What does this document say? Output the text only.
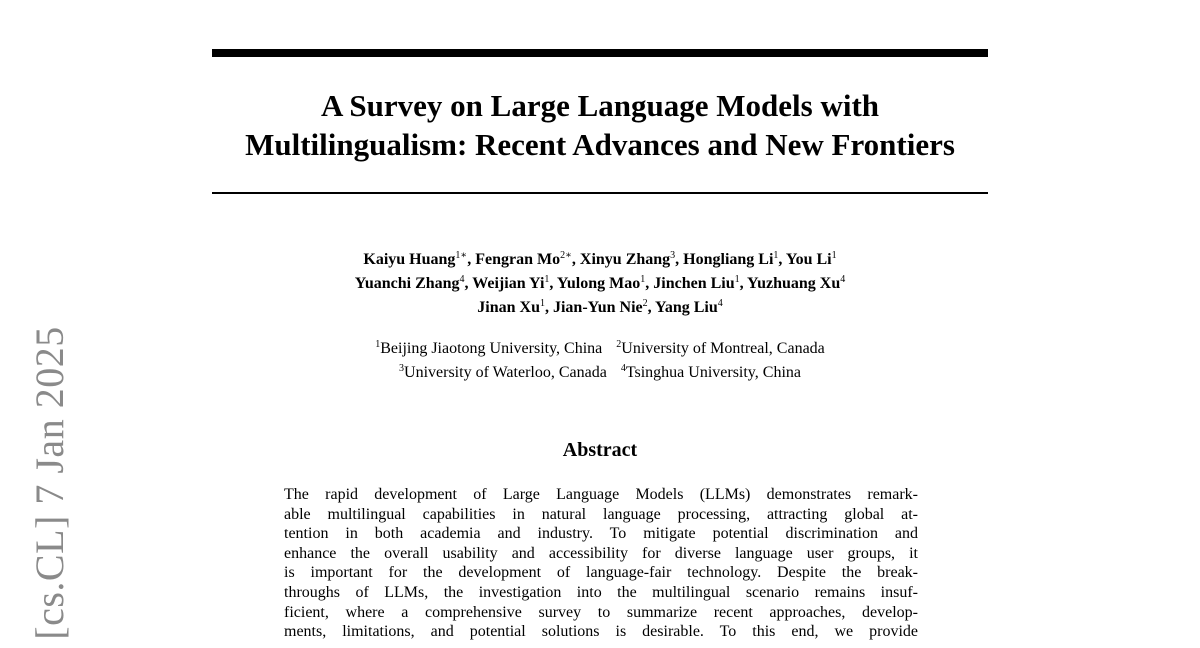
A Survey on Large Language Models with
Multilingualism: Recent Advances and New Frontiers
Kaiyu Huang$^{1∗}$, Fengran $Mo^{2∗}$, Xinyu Zhang$^3$, Hongliang Li$^1$, You Li$^1$
Yuanchi Zhang$^4$, Weijian Yi$^1$, Yulong Mao$^1$, Jinchen Liu$^1$, Yuzhuang Xu$^4$
Jinan Xu$^1$, Jian-Yun Nie$^2$, Yang Liu$^4$
$^1$Beijing Jiaotong University, China $^2$University of Montreal, Canada
$^3$University of Waterloo, Canada $^4$Tsinghua University, China
Abstract
The rapid development of Large Language Models (LLMs) demonstrates remark-
able multilingual capabilities in natural language processing, attracting global at-
tention in both academia and industry. To mitigate potential discrimination and
enhance the overall usability and accessibility for diverse language user groups, it
is important for the development of language-fair technology. Despite the break-
throughs of LLMs, the investigation into the multilingual scenario remains insuf-
ficient, where a comprehensive survey to summarize recent approaches, develop-
ments, limitations, and potential solutions is desirable. To this end, we provide
[cs.CL] 7 Jan 2025
